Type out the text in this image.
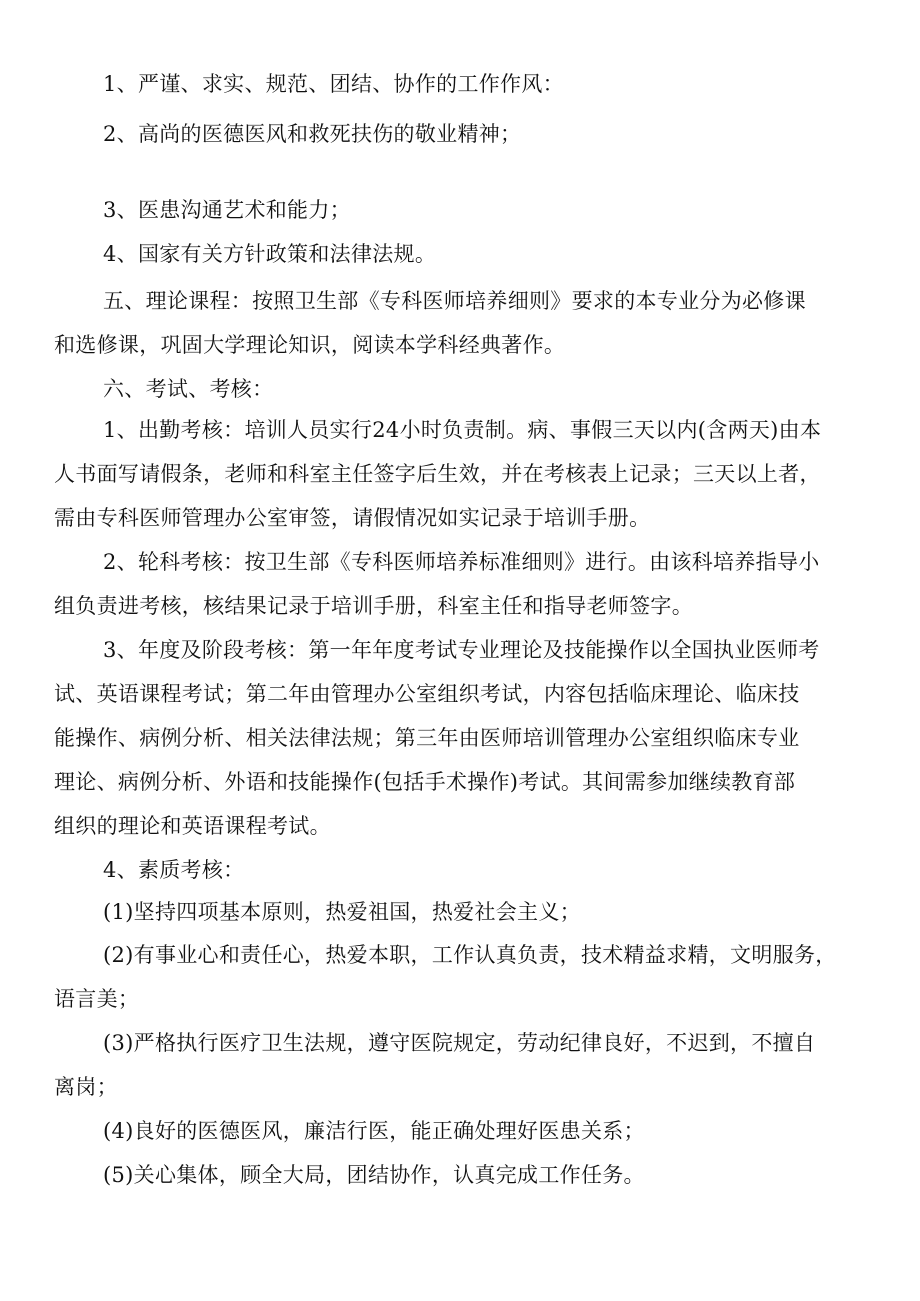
1、严谨、求实、规范、团结、协作的工作作风：
2、高尚的医德医风和救死扶伤的敬业精神；
3、医患沟通艺术和能力；
4、国家有关方针政策和法律法规。
五、理论课程：按照卫生部《专科医师培养细则》要求的本专业分为必修课
和选修课，巩固大学理论知识，阅读本学科经典著作。
六、考试、考核：
1、出勤考核：培训人员实行24小时负责制。病、事假三天以内(含两天)由本
人书面写请假条，老师和科室主任签字后生效，并在考核表上记录；三天以上者，
需由专科医师管理办公室审签，请假情况如实记录于培训手册。
2、轮科考核：按卫生部《专科医师培养标准细则》进行。由该科培养指导小
组负责进考核，核结果记录于培训手册，科室主任和指导老师签字。
3、年度及阶段考核：第一年年度考试专业理论及技能操作以全国执业医师考
试、英语课程考试；第二年由管理办公室组织考试，内容包括临床理论、临床技
能操作、病例分析、相关法律法规；第三年由医师培训管理办公室组织临床专业
理论、病例分析、外语和技能操作(包括手术操作)考试。其间需参加继续教育部
组织的理论和英语课程考试。
4、素质考核：
(1)坚持四项基本原则，热爱祖国，热爱社会主义；
(2)有事业心和责任心，热爱本职，工作认真负责，技术精益求精，文明服务，
语言美；
(3)严格执行医疗卫生法规，遵守医院规定，劳动纪律良好，不迟到，不擅自
离岗；
(4)良好的医德医风，廉洁行医，能正确处理好医患关系；
(5)关心集体，顾全大局，团结协作，认真完成工作任务。
